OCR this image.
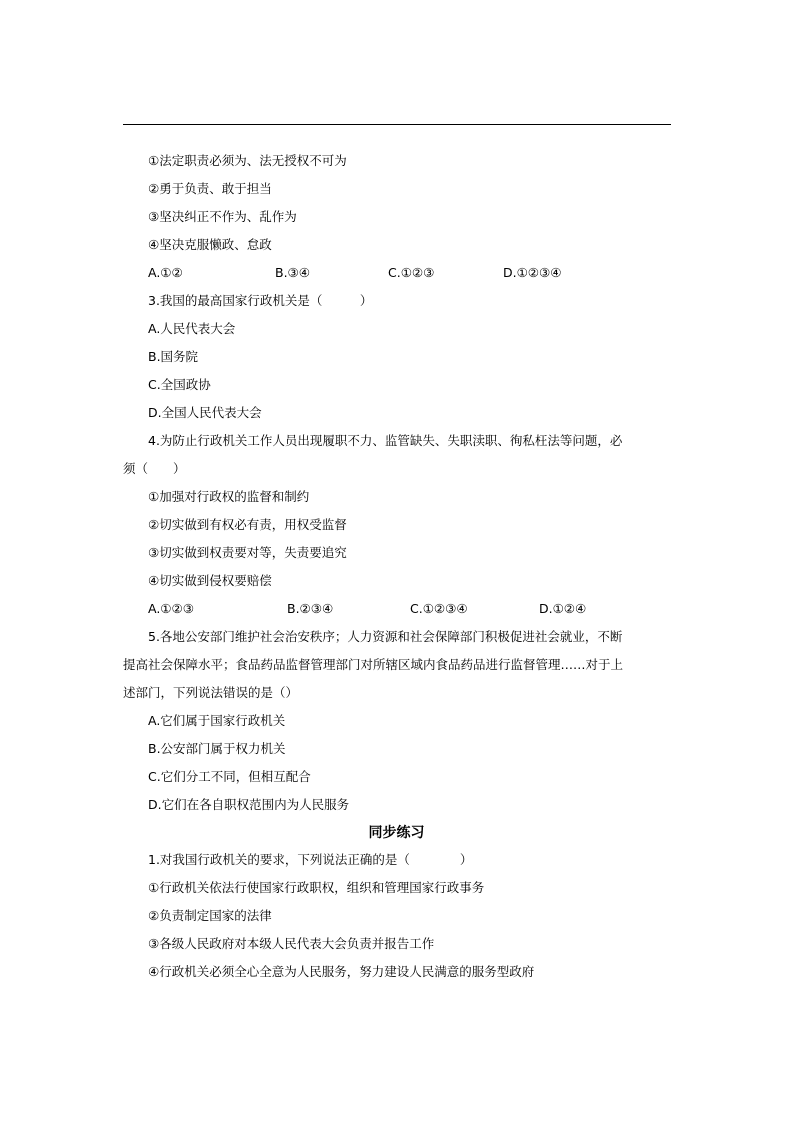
①法定职责必须为、法无授权不可为
②勇于负责、敢于担当
③坚决纠正不作为、乱作为
④坚决克服懒政、怠政
A.①②	B.③④	C.①②③	D.①②③④
3.我国的最高国家行政机关是（　　　）
A.人民代表大会
B.国务院
C.全国政协
D.全国人民代表大会
4.为防止行政机关工作人员出现履职不力、监管缺失、失职渎职、徇私枉法等问题，必
须（　　）
①加强对行政权的监督和制约
②切实做到有权必有责，用权受监督
③切实做到权责要对等，失责要追究
④切实做到侵权要赔偿
A.①②③	B.②③④	C.①②③④	D.①②④
5.各地公安部门维护社会治安秩序；人力资源和社会保障部门积极促进社会就业，不断
提高社会保障水平；食品药品监督管理部门对所辖区域内食品药品进行监督管理……对于上
述部门，下列说法错误的是（）
A.它们属于国家行政机关
B.公安部门属于权力机关
C.它们分工不同，但相互配合
D.它们在各自职权范围内为人民服务
同步练习
1.对我国行政机关的要求，下列说法正确的是（　　　　）
①行政机关依法行使国家行政职权，组织和管理国家行政事务
②负责制定国家的法律
③各级人民政府对本级人民代表大会负责并报告工作
④行政机关必须全心全意为人民服务，努力建设人民满意的服务型政府
